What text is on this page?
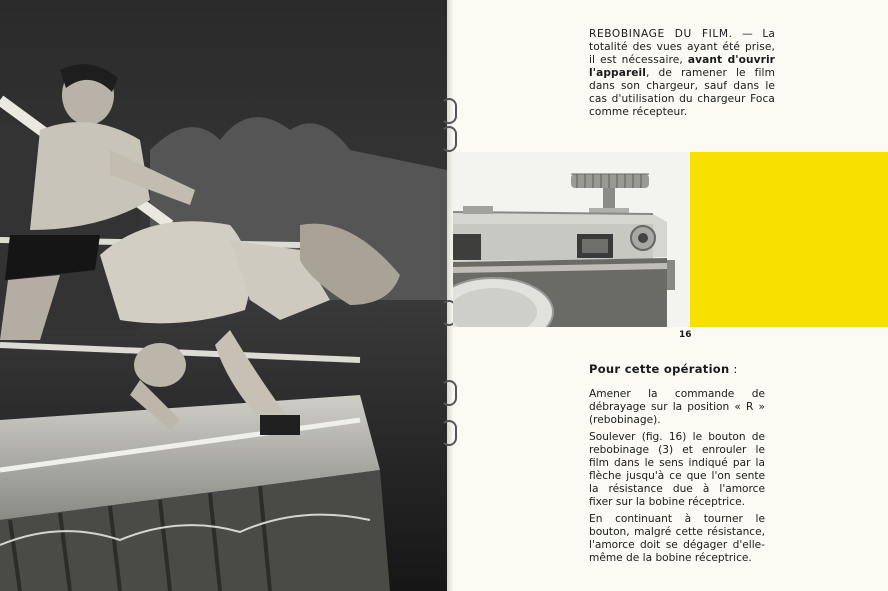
REBOBINAGE DU FILM. — La totalité des vues ayant été prise, il est nécessaire, avant d'ouvrir l'appareil, de ramener le film dans son chargeur, sauf dans le cas d'utilisation du chargeur Foca comme récepteur.
16
Pour cette opération :

Amener la commande de débrayage sur la position « R » (rebobinage).

Soulever (fig. 16) le bouton de rebobinage (3) et enrouler le film dans le sens indiqué par la flèche jusqu'à ce que l'on sente la résistance due à l'amorce fixer sur la bobine réceptrice.

En continuant à tourner le bouton, malgré cette résistance, l'amorce doit se dégager d'elle-même de la bobine réceptrice.
